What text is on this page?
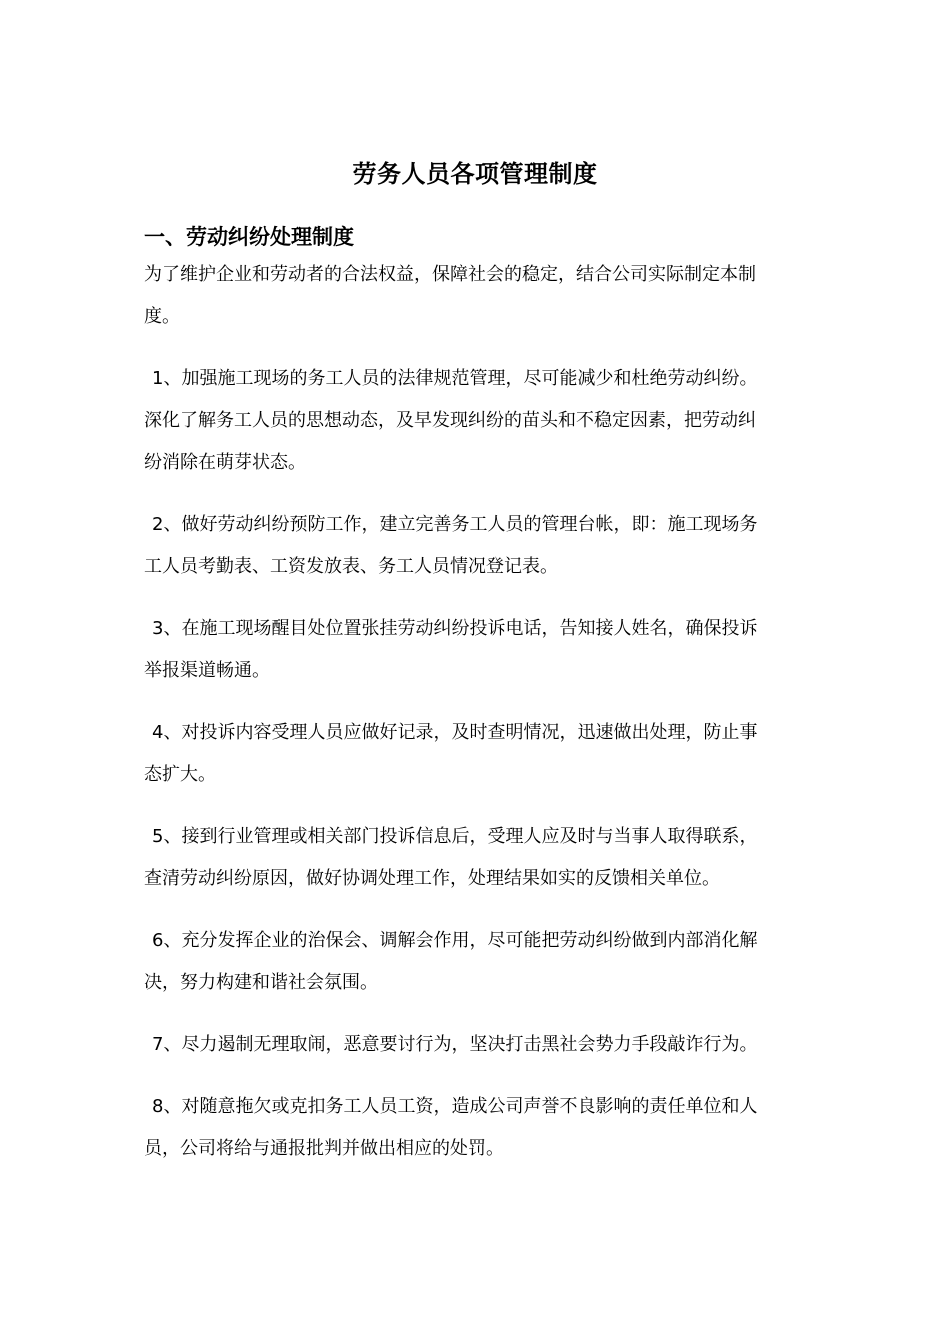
劳务人员各项管理制度
一、劳动纠纷处理制度
为了维护企业和劳动者的合法权益，保障社会的稳定，结合公司实际制定本制
度。
1、加强施工现场的务工人员的法律规范管理，尽可能减少和杜绝劳动纠纷。
深化了解务工人员的思想动态，及早发现纠纷的苗头和不稳定因素，把劳动纠
纷消除在萌芽状态。
2、做好劳动纠纷预防工作，建立完善务工人员的管理台帐，即：施工现场务
工人员考勤表、工资发放表、务工人员情况登记表。
3、在施工现场醒目处位置张挂劳动纠纷投诉电话，告知接人姓名，确保投诉
举报渠道畅通。
4、对投诉内容受理人员应做好记录，及时查明情况，迅速做出处理，防止事
态扩大。
5、接到行业管理或相关部门投诉信息后，受理人应及时与当事人取得联系，
查清劳动纠纷原因，做好协调处理工作，处理结果如实的反馈相关单位。
6、充分发挥企业的治保会、调解会作用，尽可能把劳动纠纷做到内部消化解
决，努力构建和谐社会氛围。
7、尽力遏制无理取闹，恶意要讨行为，坚决打击黑社会势力手段敲诈行为。
8、对随意拖欠或克扣务工人员工资，造成公司声誉不良影响的责任单位和人
员，公司将给与通报批判并做出相应的处罚。
